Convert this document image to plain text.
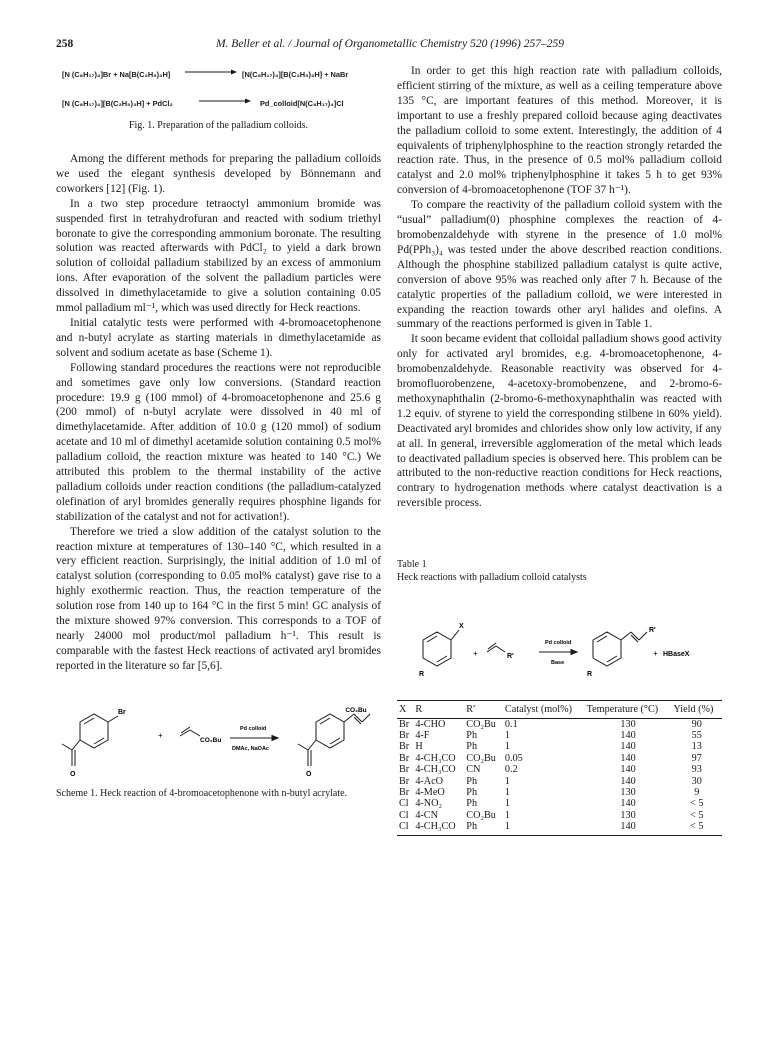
258	M. Beller et al. / Journal of Organometallic Chemistry 520 (1996) 257–259
[N (C₈H₁₇)₄]Br + Na[B(C₂H₅)₃H]	[N(C₈H₁₇)₄][B(C₂H₅)₃H] + NaBr
[N (C₈H₁₇)₄][B(C₂H₅)₃H] + PdCl₂	Pd_colloid[N(C₈H₁₇)₄]Cl
Fig. 1. Preparation of the palladium colloids.

Among the different methods for preparing the palladium colloids we used the elegant synthesis developed by Bönnemann and coworkers [12] (Fig. 1).

In a two step procedure tetraoctyl ammonium bromide was suspended first in tetrahydrofuran and reacted with sodium triethyl boronate to give the corresponding ammonium boronate. The resulting solution was reacted afterwards with PdCl₂ to yield a dark brown solution of colloidal palladium stabilized by an excess of ammonium ions. After evaporation of the solvent the palladium particles were dissolved in dimethylacetamide to give a solution containing 0.05 mmol palladium ml⁻¹, which was used directly for Heck reactions.

Initial catalytic tests were performed with 4-bromoacetophenone and n-butyl acrylate as starting materials in dimethylacetamide as solvent and sodium acetate as base (Scheme 1).

Following standard procedures the reactions were not reproducible and sometimes gave only low conversions. (Standard reaction procedure: 19.9 g (100 mmol) of 4-bromoacetophenone and 25.6 g (200 mmol) of n-butyl acrylate were dissolved in 40 ml of dimethylacetamide. After addition of 10.0 g (120 mmol) of sodium acetate and 10 ml of dimethyl acetamide solution containing 0.5 mol% palladium colloid, the reaction mixture was heated to 140 °C.) We attributed this problem to the thermal instability of the active palladium colloids under reaction conditions (the palladium-catalyzed olefination of aryl bromides generally requires phosphine ligands for stabilization of the catalyst and not for activation!).

Therefore we tried a slow addition of the catalyst solution to the reaction mixture at temperatures of 130–140 °C, which resulted in a very efficient reaction. Surprisingly, the initial addition of 1.0 ml of catalyst solution (corresponding to 0.05 mol% catalyst) gave rise to a highly exothermic reaction. Thus, the reaction temperature of the solution rose from 140 up to 164 °C in the first 5 min! GC analysis of the mixture showed 97% conversion. This corresponds to a TOF of nearly 24000 mol product/mol palladium h⁻¹. This result is comparable with the fastest Heck reactions of activated aryl bromides reported in the literature so far [5,6].

Br
O
+
CO₂Bu
Pd colloid
DMAc, NaOAc
CO₂Bu
O
Scheme 1. Heck reaction of 4-bromoacetophenone with n-butyl acrylate.

In order to get this high reaction rate with palladium colloids, efficient stirring of the mixture, as well as a ceiling temperature above 135 °C, are important features of this method. Moreover, it is important to use a freshly prepared colloid because aging deactivates the palladium colloid to some extent. Interestingly, the addition of 4 equivalents of triphenylphosphine to the reaction strongly retarded the reaction rate. Thus, in the presence of 0.5 mol% palladium colloid catalyst and 2.0 mol% triphenylphosphine it takes 5 h to get 93% conversion of 4-bromoacetophenone (TOF 37 h⁻¹).

To compare the reactivity of the palladium colloid system with the “usual” palladium(0) phosphine complexes the reaction of 4-bromobenzaldehyde with styrene in the presence of 1.0 mol% Pd(PPh₃)₄ was tested under the above described reaction conditions. Although the phosphine stabilized palladium catalyst is quite active, conversion of above 95% was reached only after 7 h. Because of the catalytic properties of the palladium colloid, we were interested in expanding the reaction towards other aryl halides and olefins. A summary of the reactions performed is given in Table 1.

It soon became evident that colloidal palladium shows good activity only for activated aryl bromides, e.g. 4-bromoacetophenone, 4-bromobenzaldehyde. Reasonable reactivity was observed for 4-bromofluorobenzene, 4-acetoxy-bromobenzene, and 2-bromo-6-methoxynaphthalin (2-bromo-6-methoxynaphthalin was reacted with 1.2 equiv. of styrene to yield the corresponding stilbene in 60% yield). Deactivated aryl bromides and chlorides show only low activity, if any at all. In general, irreversible agglomeration of the metal which leads to deactivated palladium species is observed here. This problem can be attributed to the non-reductive reaction conditions for Heck reactions, contrary to hydrogenation methods where catalyst deactivation is a reversible process.

Table 1
Heck reactions with palladium colloid catalysts
X
R
+	R′
Pd colloid
Base
R′
R
+ HBaseX
X	R	R′	Catalyst (mol%)	Temperature (°C)	Yield (%)
Br	4-CHO	CO₂Bu	0.1	130	90
Br	4-F	Ph	1	140	55
Br	H	Ph	1	140	13
Br	4-CH₃CO	CO₂Bu	0.05	140	97
Br	4-CH₃CO	CN	0.2	140	93
Br	4-AcO	Ph	1	140	30
Br	4-MeO	Ph	1	130	9
Cl	4-NO₂	Ph	1	140	< 5
Cl	4-CN	CO₂Bu	1	130	< 5
Cl	4-CH₃CO	Ph	1	140	< 5
